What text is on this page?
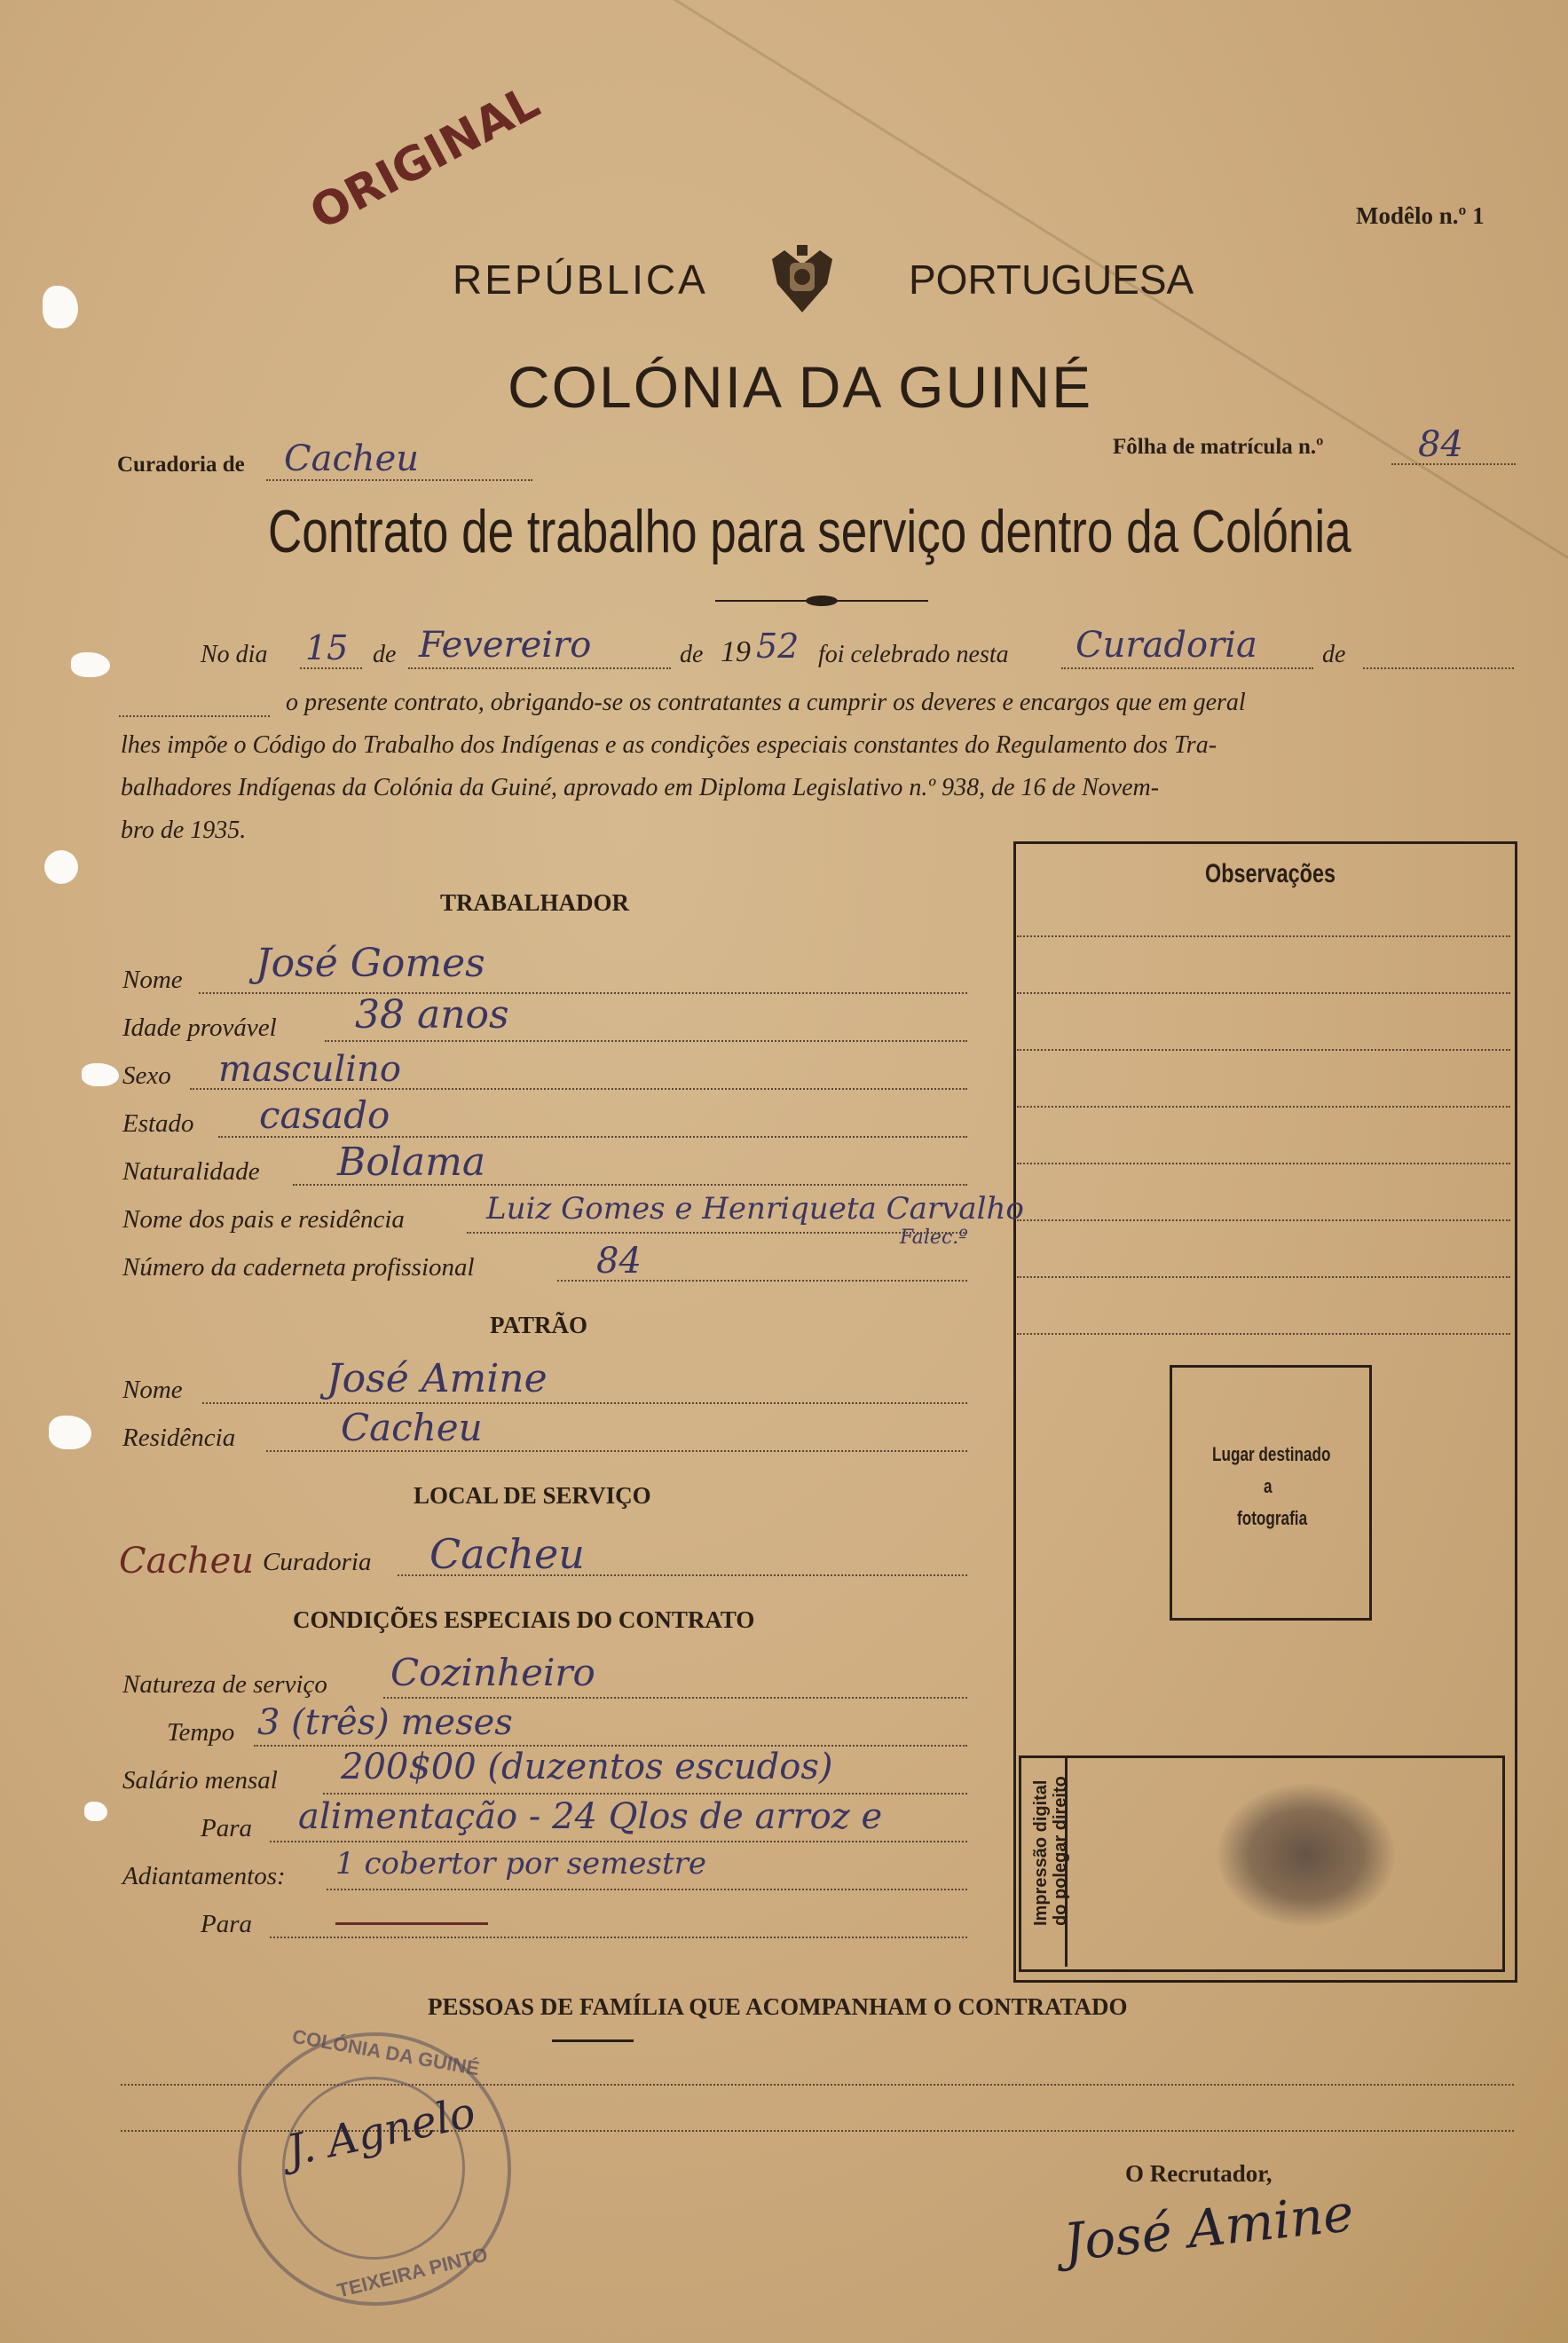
ORIGINAL	Modêlo n.º 1
REPÚBLICA	PORTUGUESA
COLÓNIA DA GUINÉ
Curadoria de Cacheu	Fôlha de matrícula n.º	84
Contrato de trabalho para serviço dentro da Colónia
No dia 15 de Fevereiro	de 19 52 foi celebrado nesta Curadoria	de
o presente contrato, obrigando-se os contratantes a cumprir os deveres e encargos que em geral
lhes impõe o Código do Trabalho dos Indígenas e as condições especiais constantes do Regulamento dos Tra-
balhadores Indígenas da Colónia da Guiné, aprovado em Diploma Legislativo n.º 938, de 16 de Novem-
bro de 1935.
Observações
Lugar destinado
a
fotografia
Impressão digital do polegar direito
TRABALHADOR
Nome José Gomes
Idade provável 38 anos
Sexo masculino
Estado casado
Naturalidade Bolama
Nome dos pais e residência	Luiz Gomes e Henriqueta Carvalho
Falec.º
Número da caderneta profissional	84
PATRÃO
Nome	José Amine
Residência	Cacheu
LOCAL DE SERVIÇO
Cacheu Curadoria Cacheu
CONDIÇÕES ESPECIAIS DO CONTRATO
Natureza de serviço Cozinheiro
Tempo 3 (três) meses
Salário mensal 200$00 (duzentos escudos)
Para alimentação - 24 Qlos de arroz e
Adiantamentos: 1 cobertor por semestre
Para
PESSOAS DE FAMÍLIA QUE ACOMPANHAM O CONTRATADO
COLÓNIA DA GUINÉ
TEIXEIRA PINTO
J. Agnelo	O Recrutador,
José Amine
